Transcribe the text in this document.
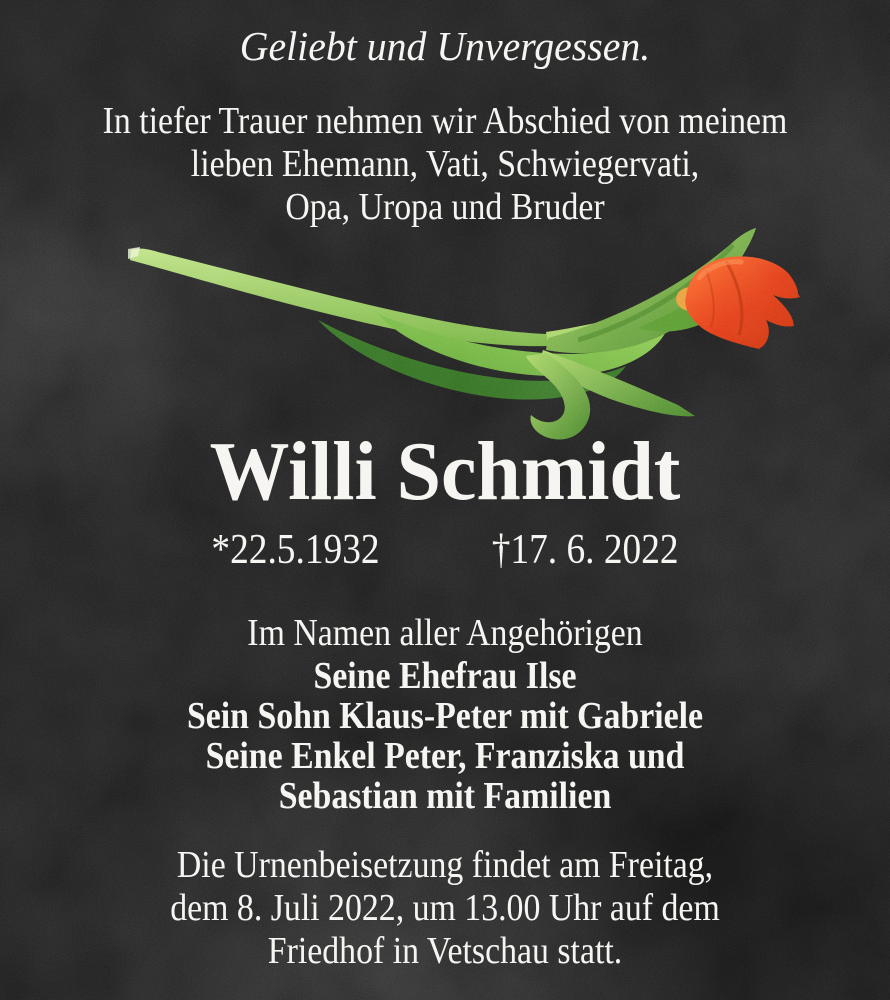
Geliebt und Unvergessen.
In tiefer Trauer nehmen wir Abschied von meinem
lieben Ehemann, Vati, Schwiegervati,
Opa, Uropa und Bruder
Willi Schmidt
*22.5.1932	†17. 6. 2022
Im Namen aller Angehörigen
Seine Ehefrau Ilse
Sein Sohn Klaus-Peter mit Gabriele
Seine Enkel Peter, Franziska und
Sebastian mit Familien
Die Urnenbeisetzung findet am Freitag,
dem 8. Juli 2022, um 13.00 Uhr auf dem
Friedhof in Vetschau statt.
